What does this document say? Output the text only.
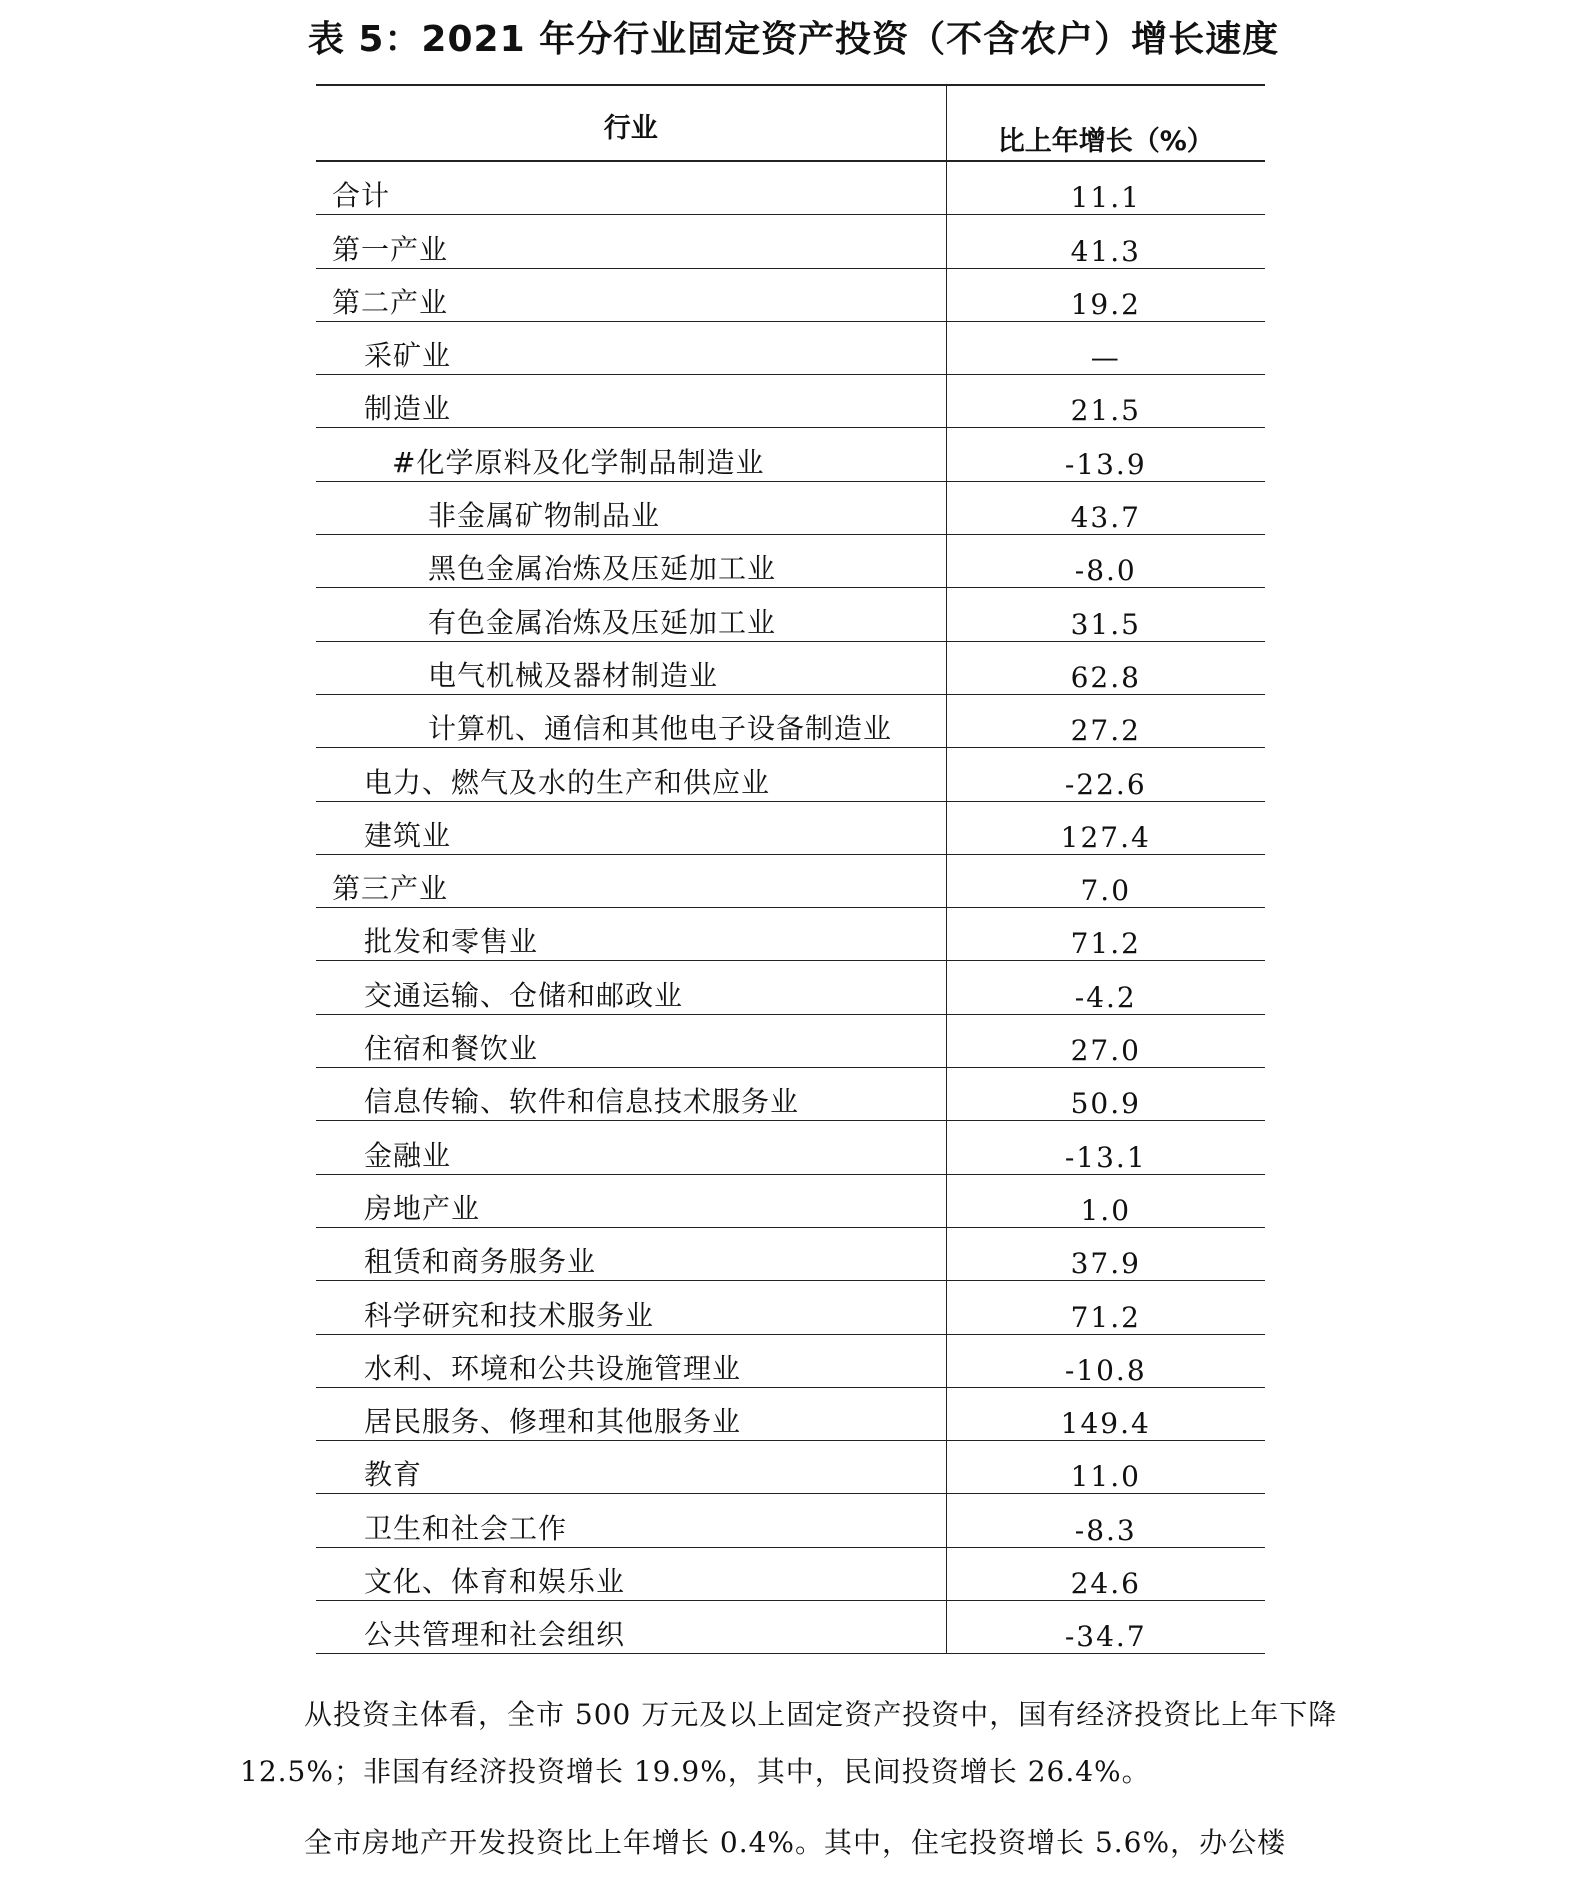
表 5：2021 年分行业固定资产投资（不含农户）增长速度
行业	比上年增长（%）
合计	11.1
第一产业	41.3
第二产业	19.2
采矿业	—
制造业	21.5
#化学原料及化学制品制造业	-13.9
非金属矿物制品业	43.7
黑色金属冶炼及压延加工业	-8.0
有色金属冶炼及压延加工业	31.5
电气机械及器材制造业	62.8
计算机、通信和其他电子设备制造业	27.2
电力、燃气及水的生产和供应业	-22.6
建筑业	127.4
第三产业	7.0
批发和零售业	71.2
交通运输、仓储和邮政业	-4.2
住宿和餐饮业	27.0
信息传输、软件和信息技术服务业	50.9
金融业	-13.1
房地产业	1.0
租赁和商务服务业	37.9
科学研究和技术服务业	71.2
水利、环境和公共设施管理业	-10.8
居民服务、修理和其他服务业	149.4
教育	11.0
卫生和社会工作	-8.3
文化、体育和娱乐业	24.6
公共管理和社会组织	-34.7
从投资主体看，全市 500 万元及以上固定资产投资中，国有经济投资比上年下降 12.5%；非国有经济投资增长 19.9%，其中，民间投资增长 26.4%。
全市房地产开发投资比上年增长 0.4%。其中，住宅投资增长 5.6%，办公楼
